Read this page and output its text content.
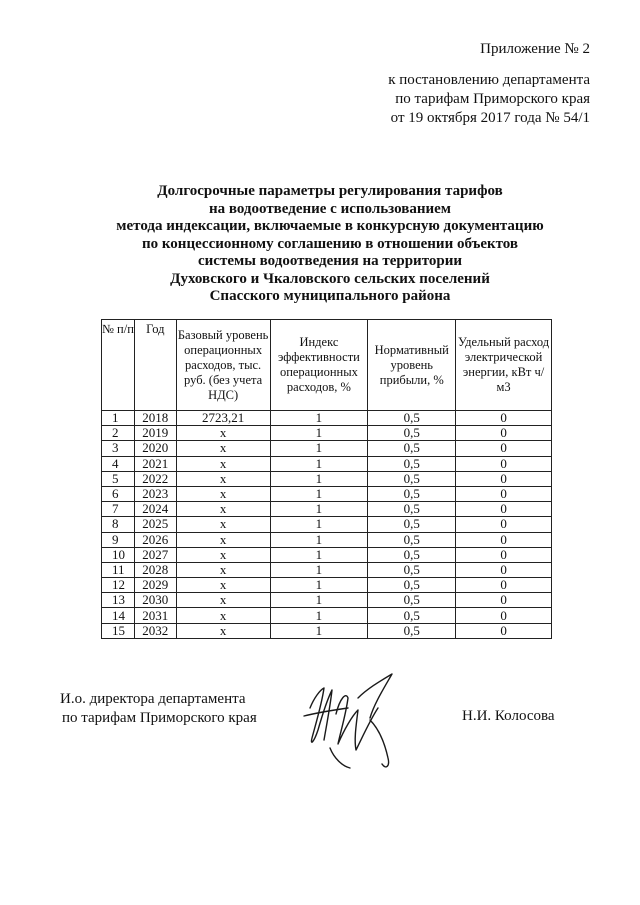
Приложение № 2
к постановлению департамента
по тарифам Приморского края
от 19 октября 2017 года № 54/1
Долгосрочные параметры регулирования тарифов
на водоотведение с использованием
метода индексации, включаемые в конкурсную документацию
по концессионному соглашению в отношении объектов
системы водоотведения на территории
Духовского и Чкаловского сельских поселений
Спасского муниципального района
№ п/п	Год	Базовый уровень операционных расходов, тыс. руб. (без учета НДС)	Индекс эффективности операционных расходов, %	Нормативный уровень прибыли, %	Удельный расход электрической энергии, кВт ч/м3
1	2018	2723,21	1	0,5	0
2	2019	х	1	0,5	0
3	2020	х	1	0,5	0
4	2021	х	1	0,5	0
5	2022	х	1	0,5	0
6	2023	х	1	0,5	0
7	2024	х	1	0,5	0
8	2025	х	1	0,5	0
9	2026	х	1	0,5	0
10	2027	х	1	0,5	0
11	2028	х	1	0,5	0
12	2029	х	1	0,5	0
13	2030	х	1	0,5	0
14	2031	х	1	0,5	0
15	2032	х	1	0,5	0
И.о. директора департамента
по тарифам Приморского края	Н.И. Колосова
